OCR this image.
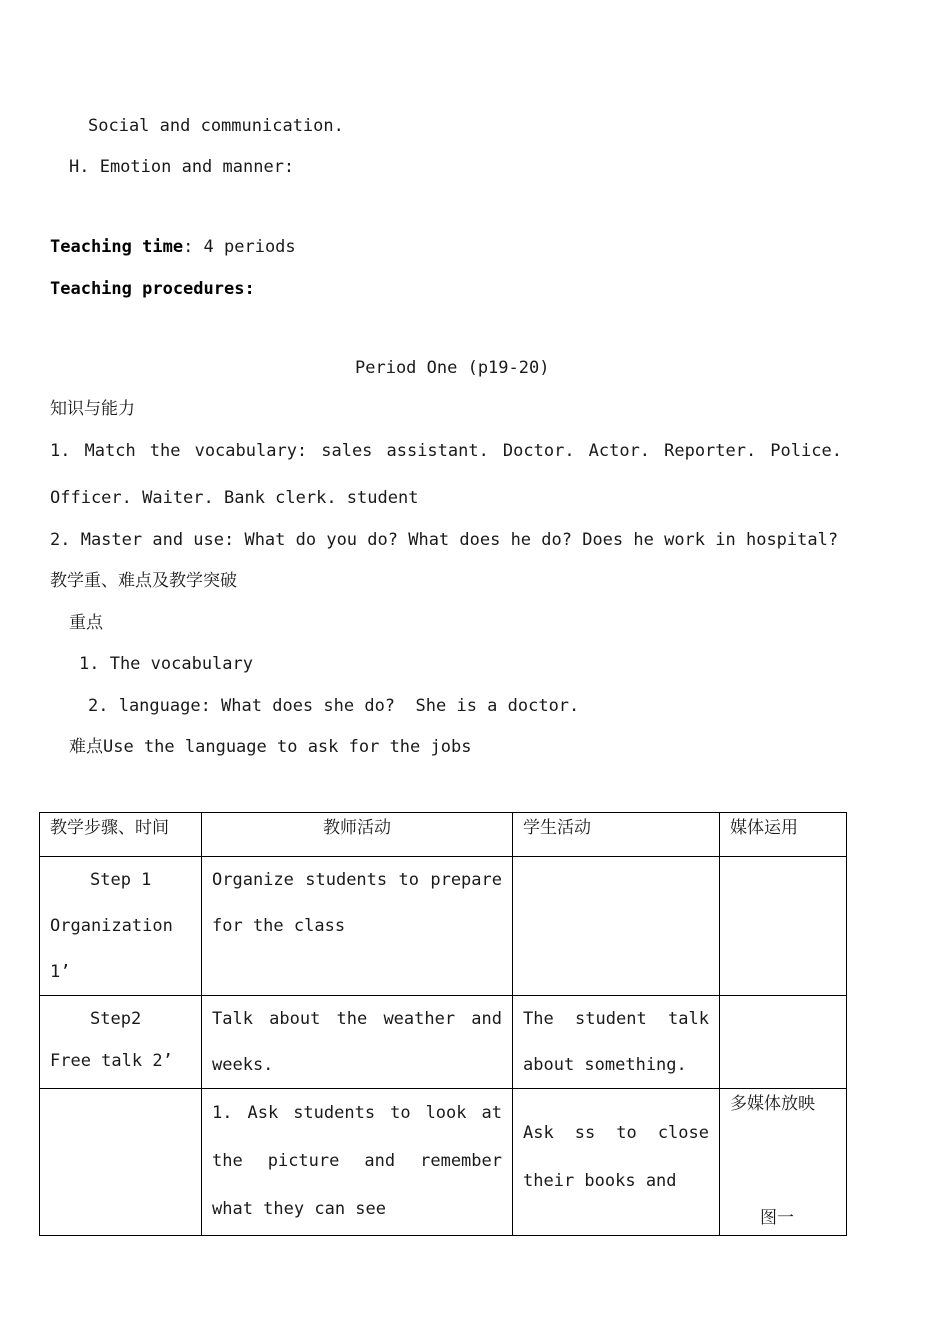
Social and communication.
H. Emotion and manner:
Teaching time: 4 periods
Teaching procedures:
Period One (p19-20)
知识与能力
1. Match the vocabulary: sales assistant. Doctor. Actor. Reporter. Police.
Officer. Waiter. Bank clerk. student
2. Master and use: What do you do? What does he do? Does he work in hospital?
教学重、难点及教学突破
重点
1. The vocabulary
2. language: What does she do?  She is a doctor.
难点Use the language to ask for the jobs
教学步骤、时间	教师活动	学生活动	媒体运用

Step 1
Organization
1’	Organize students to prepare for the class		

Step2
Free talk 2’	Talk about the weather and weeks.	The student talk about something.	
	1. Ask students to look at the picture and remember what they can see	Ask ss to close their books and	多媒体放映
图一
